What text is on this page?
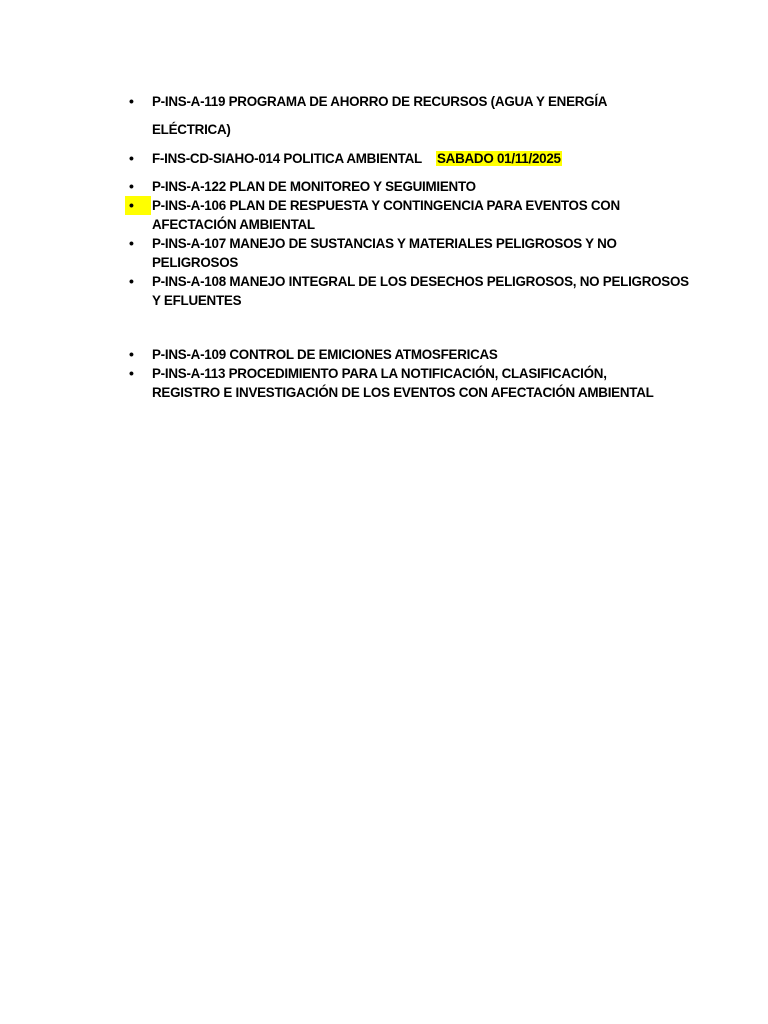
•	P-INS-A-119 PROGRAMA DE AHORRO DE RECURSOS (AGUA Y ENERGÍA
ELÉCTRICA)
•	F-INS-CD-SIAHO-014 POLITICA AMBIENTAL SABADO 01/11/2025
•	P-INS-A-122 PLAN DE MONITOREO Y SEGUIMIENTO
•	P-INS-A-106 PLAN DE RESPUESTA Y CONTINGENCIA PARA EVENTOS CON
AFECTACIÓN AMBIENTAL
•	P-INS-A-107 MANEJO DE SUSTANCIAS Y MATERIALES PELIGROSOS Y NO
PELIGROSOS
•	P-INS-A-108 MANEJO INTEGRAL DE LOS DESECHOS PELIGROSOS, NO PELIGROSOS
Y EFLUENTES
•	P-INS-A-109 CONTROL DE EMICIONES ATMOSFERICAS
•	P-INS-A-113 PROCEDIMIENTO PARA LA NOTIFICACIÓN, CLASIFICACIÓN,
REGISTRO E INVESTIGACIÓN DE LOS EVENTOS CON AFECTACIÓN AMBIENTAL
